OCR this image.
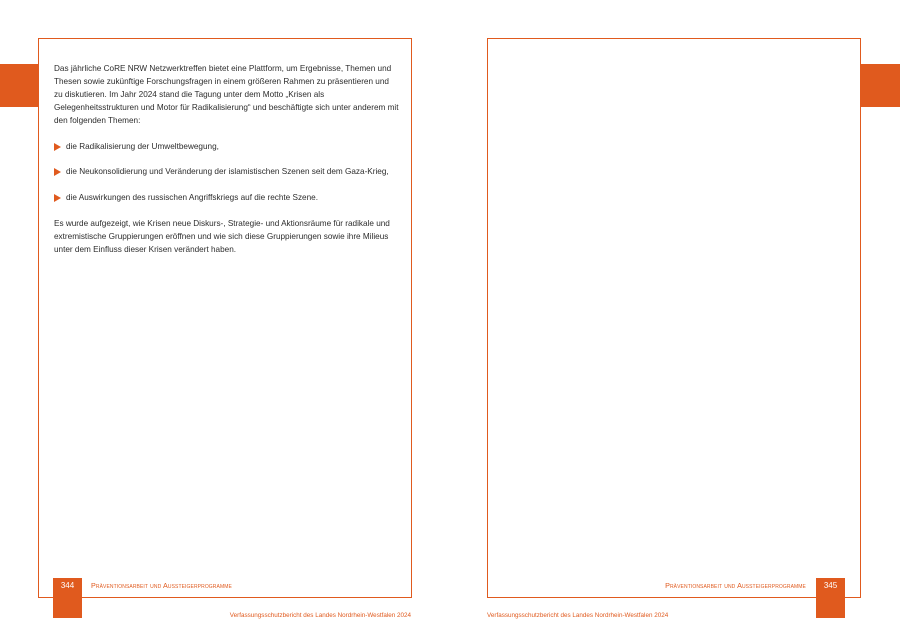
Das jährliche CoRE NRW Netzwerktreffen bietet eine Plattform, um Ergebnisse, Themen und Thesen sowie zukünftige Forschungsfragen in einem größeren Rahmen zu präsentieren und zu diskutieren. Im Jahr 2024 stand die Tagung unter dem Motto „Krisen als Gelegenheitsstrukturen und Motor für Radikalisierung“ und beschäftigte sich unter anderem mit den folgenden Themen:

die Radikalisierung der Umweltbewegung,
die Neukonsolidierung und Veränderung der islamistischen Szenen seit dem Gaza-Krieg,
die Auswirkungen des russischen Angriffskriegs auf die rechte Szene.

Es wurde aufgezeigt, wie Krisen neue Diskurs-, Strategie- und Aktionsräume für radikale und extremistische Gruppierungen eröffnen und wie sich diese Gruppierungen sowie ihre Milieus unter dem Einfluss dieser Krisen verändert haben.

344	Präventionsarbeit und Aussteigerprogramme
Verfassungsschutzbericht des Landes Nordrhein-Westfalen 2024
345
Präventionsarbeit und Aussteigerprogramme
Verfassungsschutzbericht des Landes Nordrhein-Westfalen 2024
